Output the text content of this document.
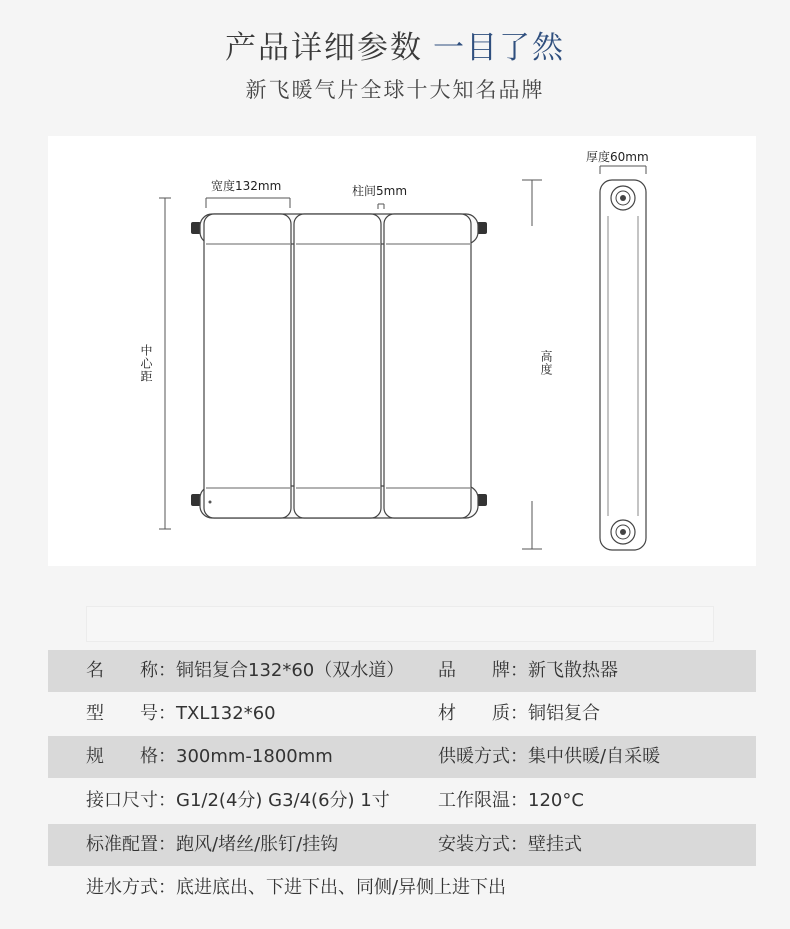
产品详细参数 一目了然
新飞暖气片全球十大知名品牌
宽度132mm	柱间5mm
中心距	高度
厚度60mm
名　　称：铜铝复合132*60（双水道） 品　　牌：新飞散热器
型　　号：TXL132*60	材　　质：铜铝复合
规　　格：300mm-1800mm	供暖方式：集中供暖/自采暖
接口尺寸：G1/2(4分) G3/4(6分) 1寸	工作限温：120°C
标准配置：跑风/堵丝/胀钉/挂钩	安装方式：壁挂式
进水方式：底进底出、下进下出、同侧/异侧上进下出
